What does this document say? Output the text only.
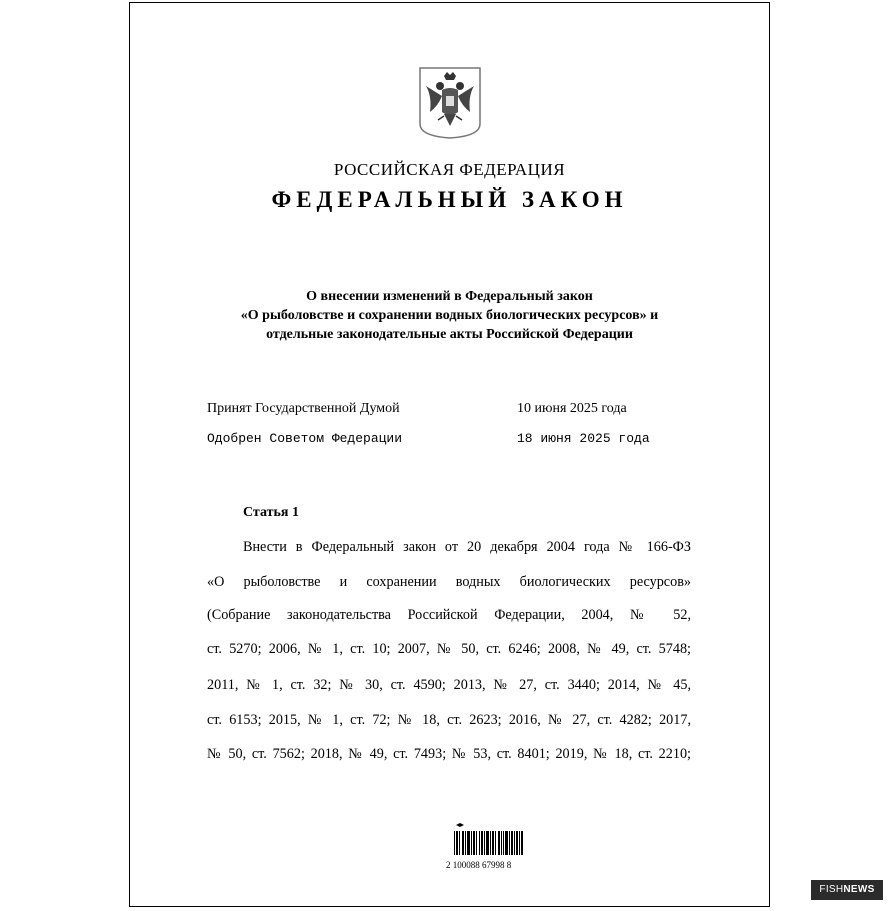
РОССИЙСКАЯ ФЕДЕРАЦИЯ
ФЕДЕРАЛЬНЫЙ ЗАКОН
О внесении изменений в Федеральный закон
«О рыболовстве и сохранении водных биологических ресурсов» и
отдельные законодательные акты Российской Федерации
Принят Государственной Думой	10 июня 2025 года
Одобрен Советом Федерации	18 июня 2025 года
Статья 1
Внести в Федеральный закон от 20 декабря 2004 года № 166-ФЗ
«О рыболовстве и сохранении водных биологических ресурсов»
(Собрание законодательства Российской Федерации, 2004, № 52,
ст. 5270; 2006, № 1, ст. 10; 2007, № 50, ст. 6246; 2008, № 49, ст. 5748;
2011, № 1, ст. 32; № 30, ст. 4590; 2013, № 27, ст. 3440; 2014, № 45,
ст. 6153; 2015, № 1, ст. 72; № 18, ст. 2623; 2016, № 27, ст. 4282; 2017,
№ 50, ст. 7562; 2018, № 49, ст. 7493; № 53, ст. 8401; 2019, № 18, ст. 2210;
2 100088 67998 8
FISHNEWS
